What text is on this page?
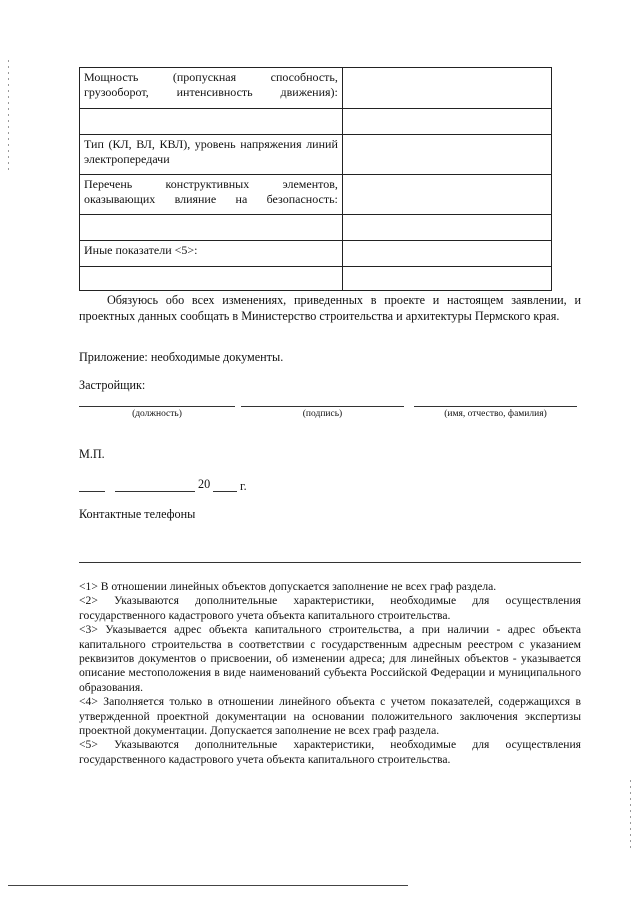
Мощность (пропускная способность, грузооборот, интенсивность движения):	

Тип (КЛ, ВЛ, КВЛ), уровень напряжения линий электропередачи	

Перечень конструктивных элементов, оказывающих влияние на безопасность:	

Иные показатели <5>:	

Обязуюсь обо всех изменениях, приведенных в проекте и настоящем заявлении, и проектных данных сообщать в Министерство строительства и архитектуры Пермского края.
Приложение: необходимые документы.
Застройщик:
(должность)	(подпись)	(имя, отчество, фамилия)
М.П.
20 г.
Контактные телефоны

<1> В отношении линейных объектов допускается заполнение не всех граф раздела.

<2> Указываются дополнительные характеристики, необходимые для осуществления государственного кадастрового учета объекта капитального строительства.

<3> Указывается адрес объекта капитального строительства, а при наличии - адрес объекта капитального строительства в соответствии с государственным адресным реестром с указанием реквизитов документов о присвоении, об изменении адреса; для линейных объектов - указывается описание местоположения в виде наименований субъекта Российской Федерации и муниципального образования.

<4> Заполняется только в отношении линейного объекта с учетом показателей, содержащихся в утвержденной проектной документации на основании положительного заключения экспертизы проектной документации. Допускается заполнение не всех граф раздела.

<5> Указываются дополнительные характеристики, необходимые для осуществления государственного кадастрового учета объекта капитального строительства.
